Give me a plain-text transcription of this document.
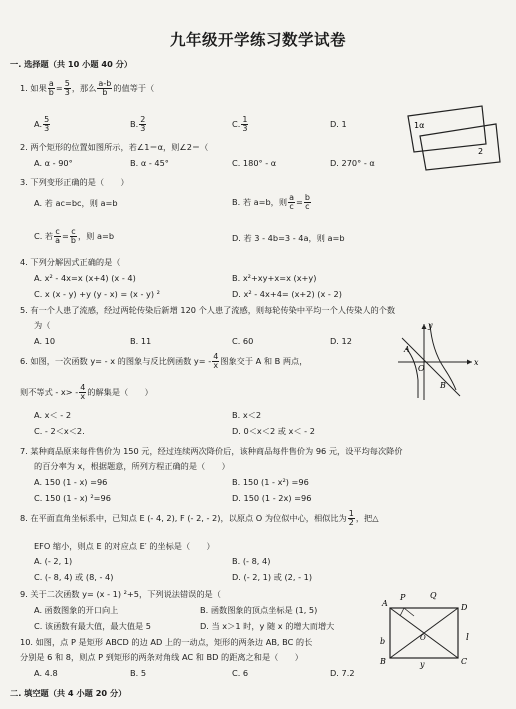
九年级开学练习数学试卷
一. 选择题（共 10 小题 40 分）
1. 如果 $\frac{a}{b} = \frac{5}{3}$ ，那么 $\frac{a-b}{b}$ 的值等于（
A. $\frac{5}{3}$	B. $\frac{2}{3}$	C. $\frac{1}{3}$	D. 1
2. 两个矩形的位置如图所示，若∠1＝α，则∠2＝（
A. α - 90°	B. α - 45°	C. 180° - α	D. 270° - α
1α
2
3. 下列变形正确的是（　　）
A. 若 ac=bc，则 a=b	B. 若 a=b，则 $\frac{a}{c} = \frac{b}{c}$
C. 若 $\frac{c}{a} = \frac{c}{b}$ ，则 a=b	D. 若 3 - 4b=3 - 4a，则 a=b
4. 下列分解因式正确的是（
A. x² - 4x=x (x+4) (x - 4)	B. x²+xy+x=x (x+y)
C. x (x - y) +y (y - x) = (x - y) ²	D. x² - 4x+4= (x+2) (x - 2)
5. 有一个人患了流感，经过两轮传染后新增 120 个人患了流感，则每轮传染中平均一个人传染人的个数
为（
A. 10	B. 11	C. 60	D. 12
6. 如图，一次函数 y= - x 的图象与反比例函数 $y= - \frac{4}{x}$ 图象交于 A 和 B 两点，
则不等式 - $x> - \frac{4}{x}$ 的解集是（　　）
A. x＜ - 2	B. x＜2
C. - 2＜x＜2.	D. 0＜x＜2 或 x＜ - 2
x
y
A
O
B
7. 某种商品原来每件售价为 150 元，经过连续两次降价后，该种商品每件售价为 96 元，设平均每次降价
的百分率为 x，根据题意，所列方程正确的是（　　）
A. 150 (1 - x) =96	B. 150 (1 - x²) =96
C. 150 (1 - x) ²=96	D. 150 (1 - 2x) =96
8. 在平面直角坐标系中，已知点 E (- 4, 2), F (- 2, - 2)，以原点 O 为位似中心，相似比为 $\frac{1}{2}$ ，把△
EFO 缩小，则点 E 的对应点 E′ 的坐标是（　　）
A. (- 2, 1)	B. (- 8, 4)
C. (- 8, 4) 或 (8, - 4)	D. (- 2, 1) 或 (2, - 1)
9. 关于二次函数 y= (x - 1) ²+5，下列说法错误的是（
A. 函数图象的开口向上	B. 函数图象的顶点坐标是 (1, 5)
C. 该函数有最大值，最大值是 5	D. 当 x＞1 时，y 随 x 的增大而增大
10. 如图，点 P 是矩形 ABCD 的边 AD 上的一动点，矩形的两条边 AB, BC 的长
分别是 6 和 8，则点 P 到矩形的两条对角线 AC 和 BD 的距离之和是（　　）
A. 4.8	B. 5	C. 6	D. 7.2
A
P	Q
D
b	l
O
B	C
y
二. 填空题（共 4 小题 20 分）
